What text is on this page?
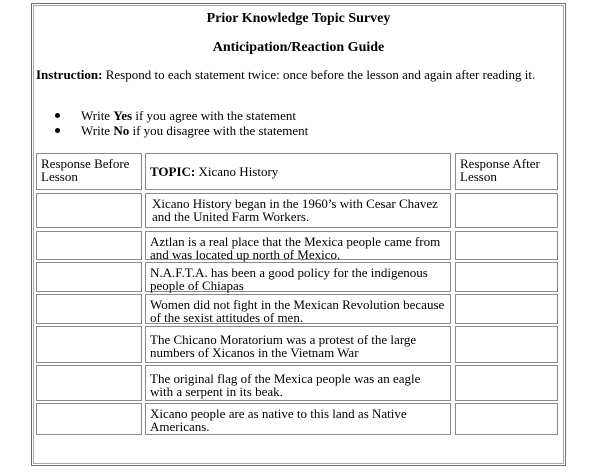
Prior Knowledge Topic Survey
Anticipation/Reaction Guide
Instruction: Respond to each statement twice: once before the lesson and again after reading it.
Write Yes if you agree with the statement
Write No if you disagree with the statement
Response Before Lesson	TOPIC: Xicano History
Response After Lesson
Xicano History began in the 1960’s with Cesar Chavez and the United Farm Workers.
Aztlan is a real place that the Mexica people came from and was located up north of Mexico.
N.A.F.T.A. has been a good policy for the indigenous people of Chiapas
Women did not fight in the Mexican Revolution because of the sexist attitudes of men.
The Chicano Moratorium was a protest of the large numbers of Xicanos in the Vietnam War
The original flag of the Mexica people was an eagle with a serpent in its beak.
Xicano people are as native to this land as Native Americans.
